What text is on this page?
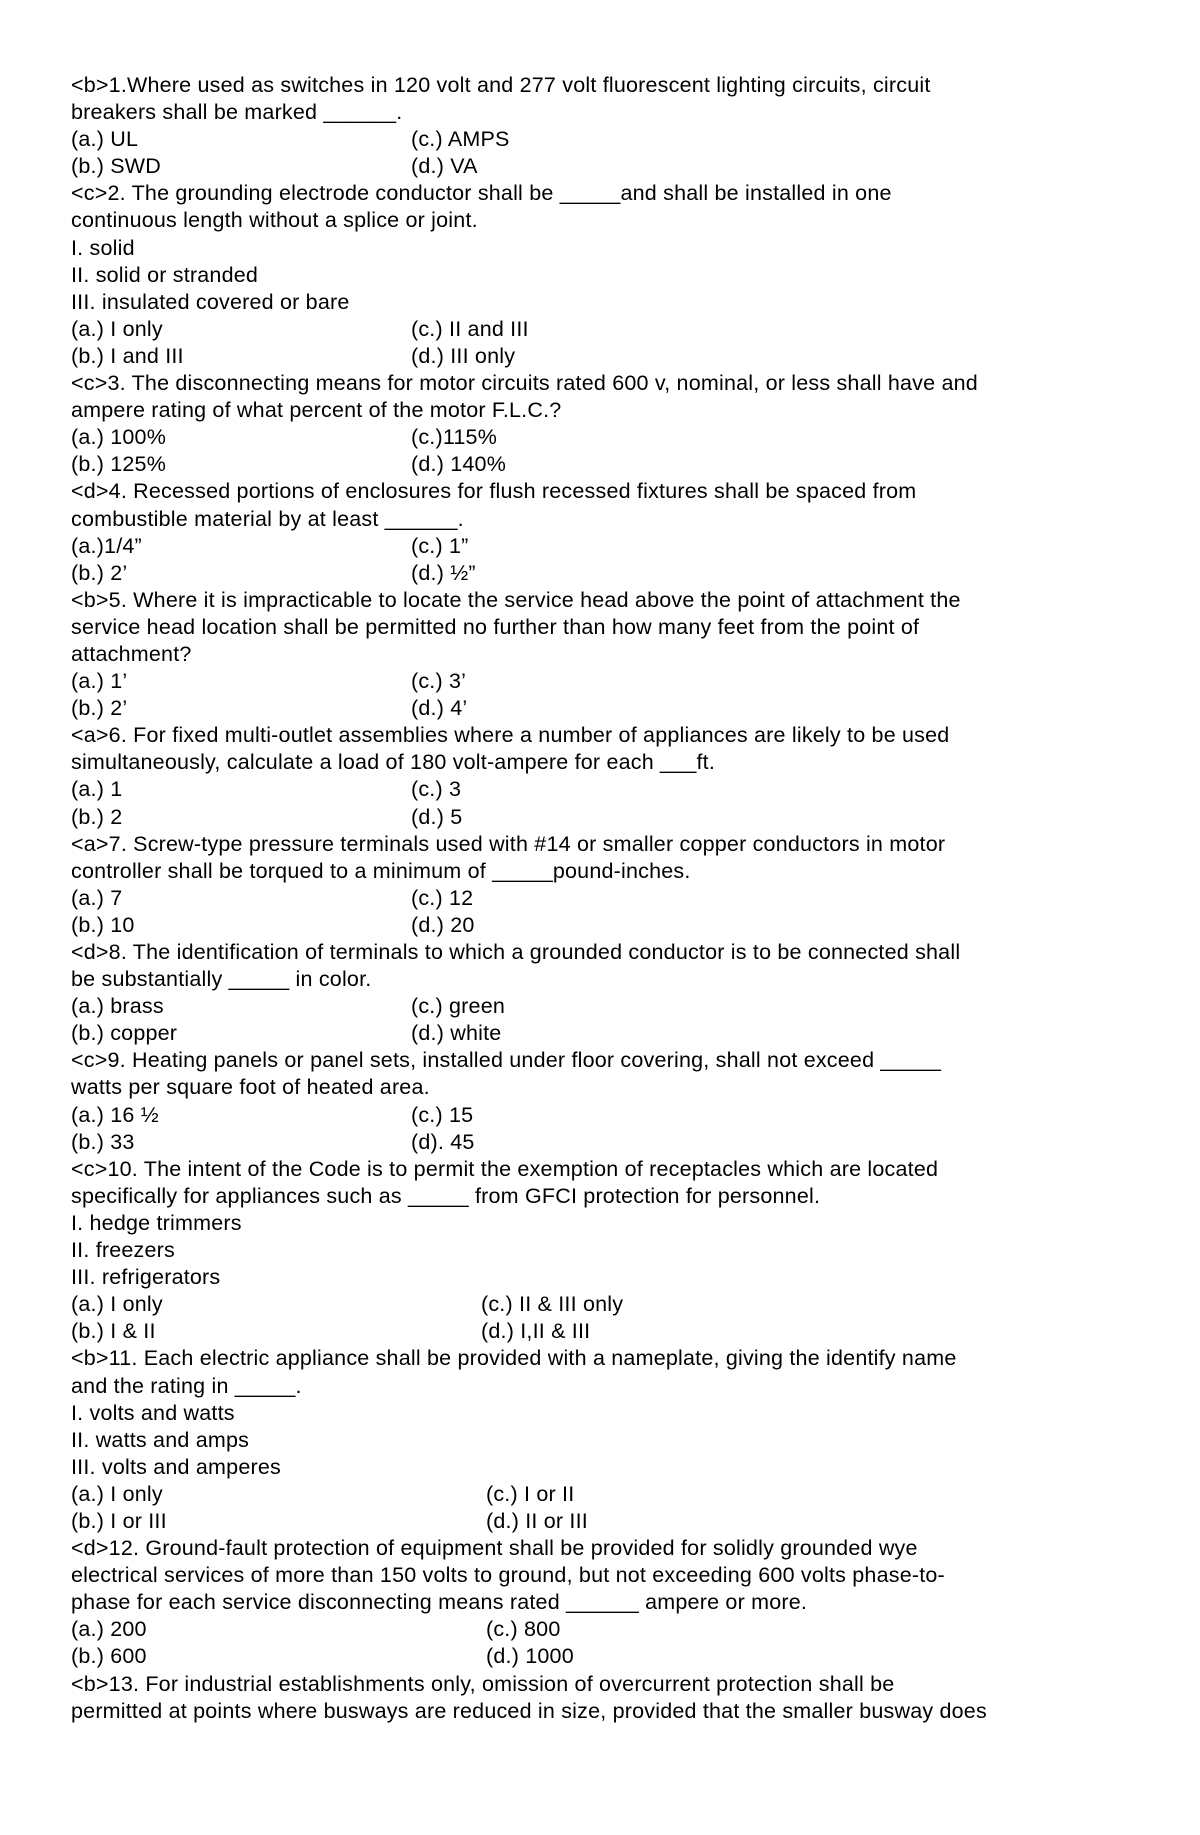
<b>1.Where used as switches in 120 volt and 277 volt fluorescent lighting circuits, circuit
breakers shall be marked ______.
(a.) UL	(c.) AMPS
(b.) SWD	(d.) VA
<c>2. The grounding electrode conductor shall be _____and shall be installed in one
continuous length without a splice or joint.
I. solid
II. solid or stranded
III. insulated covered or bare
(a.) I only	(c.) II and III
(b.) I and III	(d.) III only
<c>3. The disconnecting means for motor circuits rated 600 v, nominal, or less shall have and
ampere rating of what percent of the motor F.L.C.?
(a.) 100%	(c.)115%
(b.) 125%	(d.) 140%
<d>4. Recessed portions of enclosures for flush recessed fixtures shall be spaced from
combustible material by at least ______.
(a.)1/4”	(c.) 1”
(b.) 2’	(d.) ½”
<b>5. Where it is impracticable to locate the service head above the point of attachment the
service head location shall be permitted no further than how many feet from the point of
attachment?
(a.) 1’	(c.) 3’
(b.) 2’	(d.) 4’
<a>6. For fixed multi-outlet assemblies where a number of appliances are likely to be used
simultaneously, calculate a load of 180 volt-ampere for each ___ft.
(a.) 1	(c.) 3
(b.) 2	(d.) 5
<a>7. Screw-type pressure terminals used with #14 or smaller copper conductors in motor
controller shall be torqued to a minimum of _____pound-inches.
(a.) 7	(c.) 12
(b.) 10	(d.) 20
<d>8. The identification of terminals to which a grounded conductor is to be connected shall
be substantially _____ in color.
(a.) brass	(c.) green
(b.) copper	(d.) white
<c>9. Heating panels or panel sets, installed under floor covering, shall not exceed _____
watts per square foot of heated area.
(a.) 16 ½	(c.) 15
(b.) 33	(d). 45
<c>10. The intent of the Code is to permit the exemption of receptacles which are located
specifically for appliances such as _____ from GFCI protection for personnel.
I. hedge trimmers
II. freezers
III. refrigerators
(a.) I only	(c.) II & III only
(b.) I & II	(d.) I,II & III
<b>11. Each electric appliance shall be provided with a nameplate, giving the identify name
and the rating in _____.
I. volts and watts
II. watts and amps
III. volts and amperes
(a.) I only	(c.) I or II
(b.) I or III	(d.) II or III
<d>12. Ground-fault protection of equipment shall be provided for solidly grounded wye
electrical services of more than 150 volts to ground, but not exceeding 600 volts phase-to-
phase for each service disconnecting means rated ______ ampere or more.
(a.) 200	(c.) 800
(b.) 600	(d.) 1000
<b>13. For industrial establishments only, omission of overcurrent protection shall be
permitted at points where busways are reduced in size, provided that the smaller busway does
